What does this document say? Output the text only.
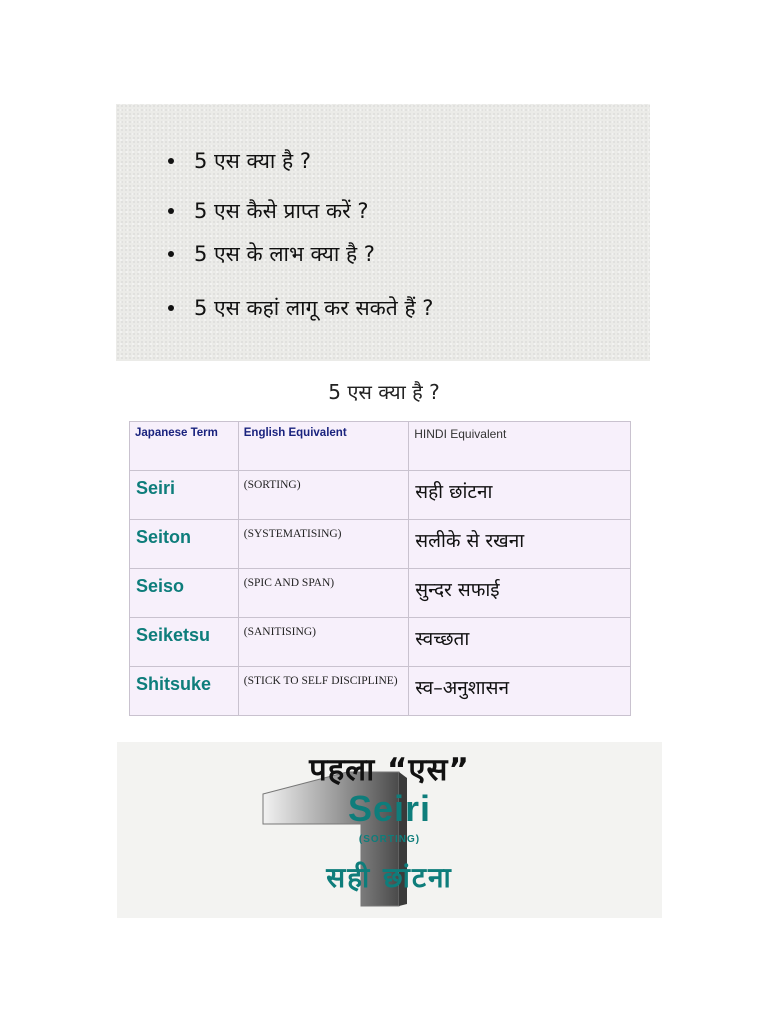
5 एस क्या है ?
5 एस कैसे प्राप्त करें ?
5 एस के लाभ क्या है ?
5 एस कहां लागू कर सकते हैं ?
5 एस क्या है ?
Japanese Term	English Equivalent	HINDI Equivalent

Seiri	(SORTING)	सही छांटना

Seiton	(SYSTEMATISING)	सलीके से रखना

Seiso	(SPIC AND SPAN)	सुन्दर सफाई

Seiketsu	(SANITISING)	स्वच्छता

Shitsuke	(STICK TO SELF DISCIPLINE)	स्व–अनुशासन
पहला “एस”
Seiri
(SORTING)
सही छांटना
